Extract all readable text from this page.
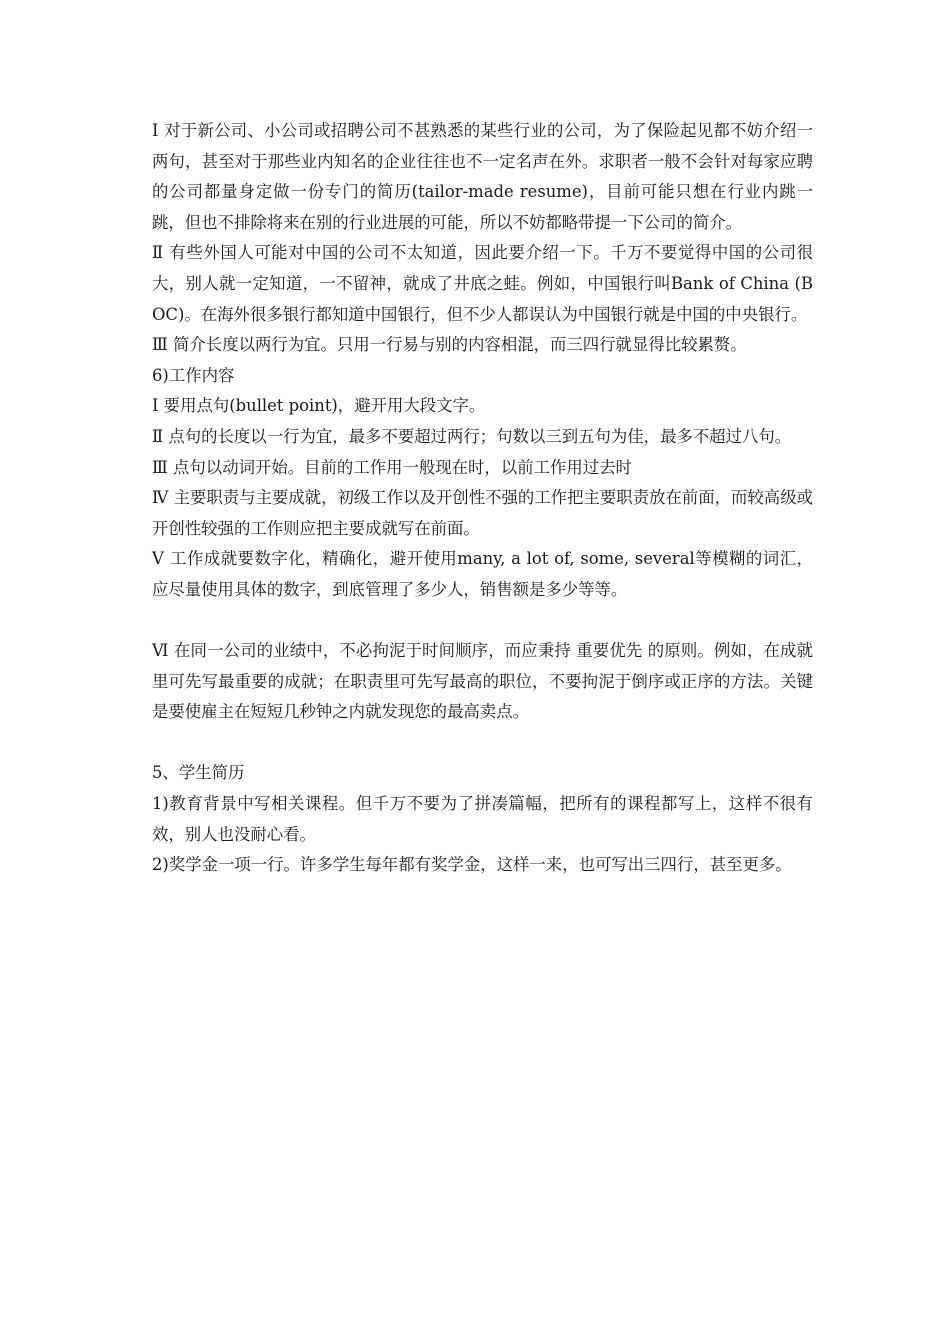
Ⅰ 对于新公司、小公司或招聘公司不甚熟悉的某些行业的公司，为了保险起见都不妨介绍一两句，甚至对于那些业内知名的企业往往也不一定名声在外。求职者一般不会针对每家应聘的公司都量身定做一份专门的简历(tailor-made resume)，目前可能只想在行业内跳一跳，但也不排除将来在别的行业进展的可能，所以不妨都略带提一下公司的简介。

Ⅱ 有些外国人可能对中国的公司不太知道，因此要介绍一下。千万不要觉得中国的公司很大，别人就一定知道，一不留神，就成了井底之蛙。例如，中国银行叫Bank of China (BOC)。在海外很多银行都知道中国银行，但不少人都误认为中国银行就是中国的中央银行。

Ⅲ 简介长度以两行为宜。只用一行易与别的内容相混，而三四行就显得比较累赘。

6)工作内容

Ⅰ 要用点句(bullet point)，避开用大段文字。

Ⅱ 点句的长度以一行为宜，最多不要超过两行；句数以三到五句为佳，最多不超过八句。

Ⅲ 点句以动词开始。目前的工作用一般现在时，以前工作用过去时

Ⅳ 主要职责与主要成就，初级工作以及开创性不强的工作把主要职责放在前面，而较高级或开创性较强的工作则应把主要成就写在前面。

Ⅴ 工作成就要数字化，精确化，避开使用many, a lot of, some, several等模糊的词汇，应尽量使用具体的数字，到底管理了多少人，销售额是多少等等。

Ⅵ 在同一公司的业绩中，不必拘泥于时间顺序，而应秉持 重要优先 的原则。例如，在成就里可先写最重要的成就；在职责里可先写最高的职位，不要拘泥于倒序或正序的方法。关键是要使雇主在短短几秒钟之内就发现您的最高卖点。

5、学生简历

1)教育背景中写相关课程。但千万不要为了拼凑篇幅，把所有的课程都写上，这样不很有效，别人也没耐心看。

2)奖学金一项一行。许多学生每年都有奖学金，这样一来，也可写出三四行，甚至更多。
